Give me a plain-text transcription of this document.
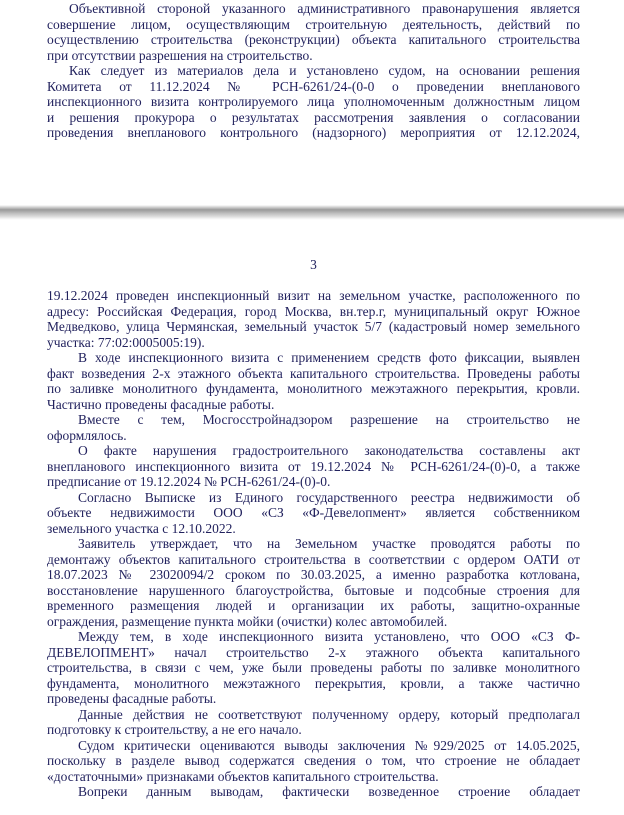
Объективной стороной указанного административного правонарушения является
совершение лицом, осуществляющим строительную деятельность, действий по
осуществлению строительства (реконструкции) объекта капитального строительства
при отсутствии разрешения на строительство.
Как следует из материалов дела и установлено судом, на основании решения
Комитета от 11.12.2024 № РСН-6261/24-(0-0 о проведении внепланового
инспекционного визита контролируемого лица уполномоченным должностным лицом
и решения прокурора о результатах рассмотрения заявления о согласовании
проведения внепланового контрольного (надзорного) мероприятия от 12.12.2024,
3
19.12.2024 проведен инспекционный визит на земельном участке, расположенного по
адресу: Российская Федерация, город Москва, вн.тер.г, муниципальный округ Южное
Медведково, улица Чермянская, земельный участок 5/7 (кадастровый номер земельного
участка: 77:02:0005005:19).
В ходе инспекционного визита с применением средств фото фиксации, выявлен
факт возведения 2-х этажного объекта капитального строительства. Проведены работы
по заливке монолитного фундамента, монолитного межэтажного перекрытия, кровли.
Частично проведены фасадные работы.
Вместе с тем, Мосгосстройнадзором разрешение на строительство не
оформлялось.
О факте нарушения градостроительного законодательства составлены акт
внепланового инспекционного визита от 19.12.2024 № РСН-6261/24-(0)-0, а также
предписание от 19.12.2024 № РСН-6261/24-(0)-0.
Согласно Выписке из Единого государственного реестра недвижимости об
объекте недвижимости ООО «СЗ «Ф-Девелопмент» является собственником
земельного участка с 12.10.2022.
Заявитель утверждает, что на Земельном участке проводятся работы по
демонтажу объектов капитального строительства в соответствии с ордером ОАТИ от
18.07.2023 № 23020094/2 сроком по 30.03.2025, а именно разработка котлована,
восстановление нарушенного благоустройства, бытовые и подсобные строения для
временного размещения людей и организации их работы, защитно-охранные
ограждения, размещение пункта мойки (очистки) колес автомобилей.
Между тем, в ходе инспекционного визита установлено, что ООО «СЗ Ф-
ДЕВЕЛОПМЕНТ» начал строительство 2-х этажного объекта капитального
строительства, в связи с чем, уже были проведены работы по заливке монолитного
фундамента, монолитного межэтажного перекрытия, кровли, а также частично
проведены фасадные работы.
Данные действия не соответствуют полученному ордеру, который предполагал
подготовку к строительству, а не его начало.
Судом критически оцениваются выводы заключения №929/2025 от 14.05.2025,
поскольку в разделе вывод содержатся сведения о том, что строение не обладает
«достаточными» признаками объектов капитального строительства.
Вопреки данным выводам, фактически возведенное строение обладает
